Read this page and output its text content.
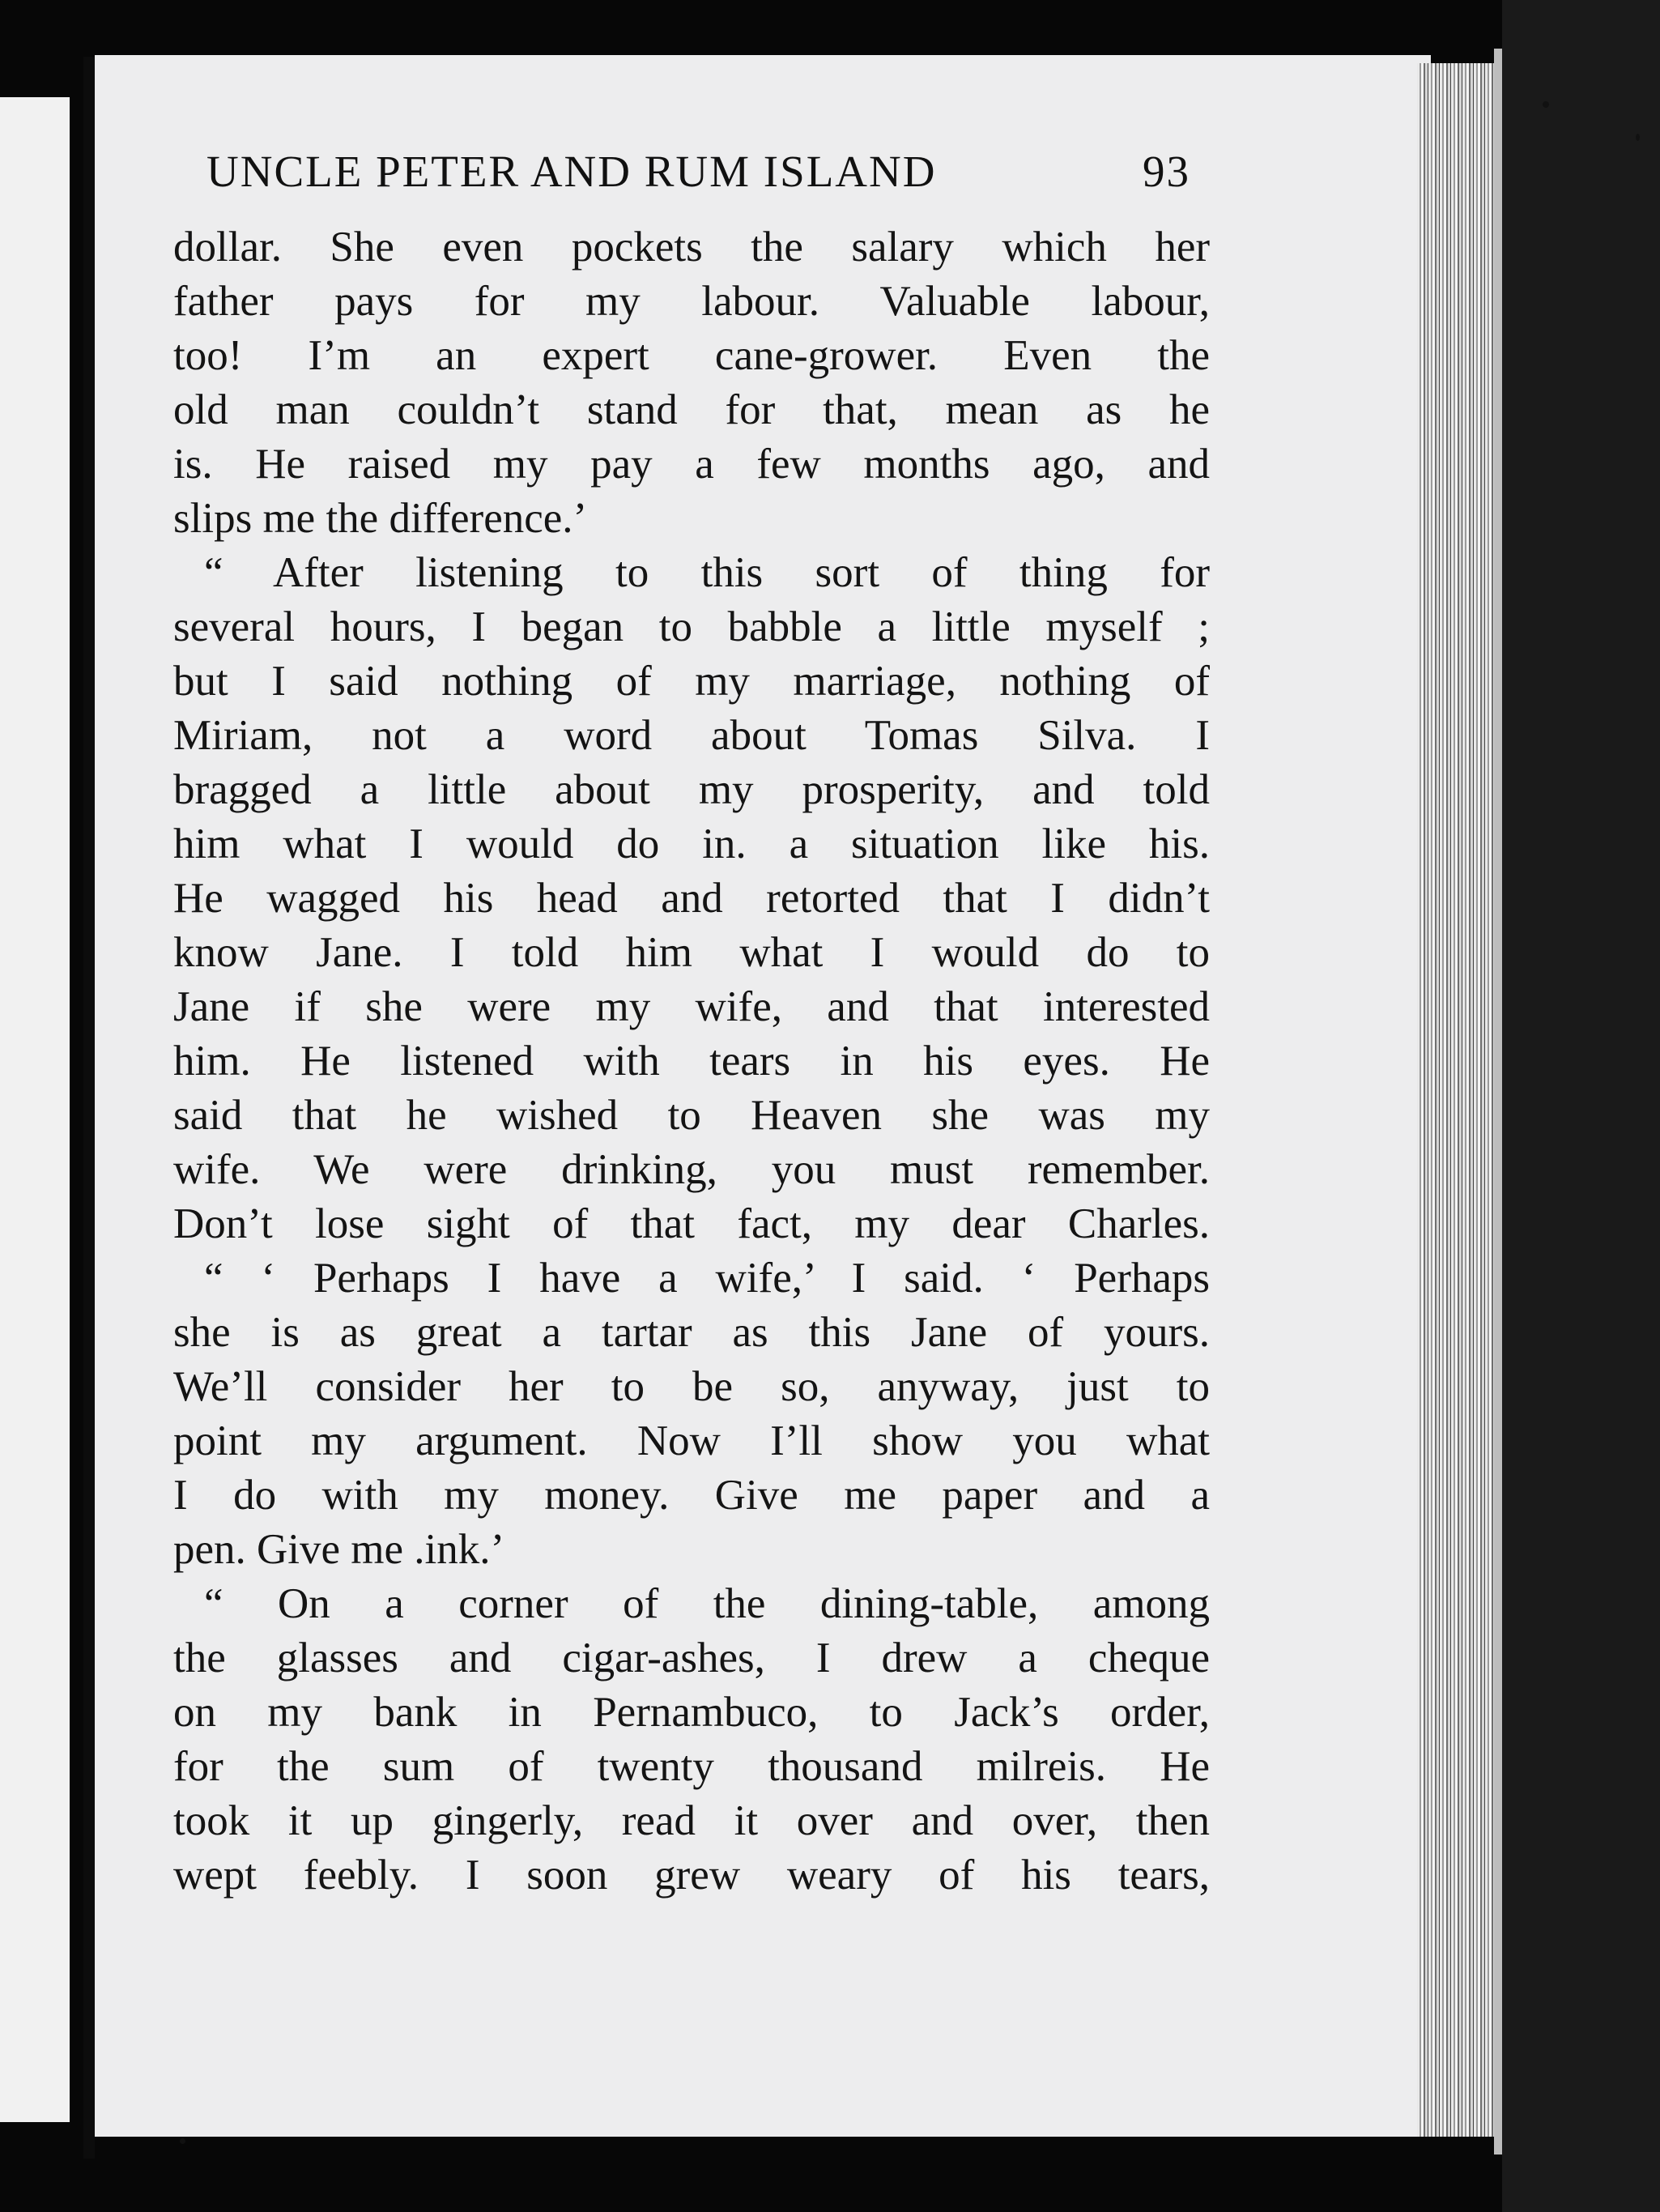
UNCLE PETER AND RUM ISLAND	93
dollar. She even pockets the salary which her
father pays for my labour. Valuable labour,
too! I’m an expert cane-grower. Even the
old man couldn’t stand for that, mean as he
is. He raised my pay a few months ago, and
slips me the difference.’
“ After listening to this sort of thing for
several hours, I began to babble a little myself ;
but I said nothing of my marriage, nothing of
Miriam, not a word about Tomas Silva. I
bragged a little about my prosperity, and told
him what I would do in. a situation like his.
He wagged his head and retorted that I didn’t
know Jane. I told him what I would do to
Jane if she were my wife, and that interested
him. He listened with tears in his eyes. He
said that he wished to Heaven she was my
wife. We were drinking, you must remember.
Don’t lose sight of that fact, my dear Charles.
“ ‘ Perhaps I have a wife,’ I said. ‘ Perhaps
she is as great a tartar as this Jane of yours.
We’ll consider her to be so, anyway, just to
point my argument. Now I’ll show you what
I do with my money. Give me paper and a
pen. Give me .ink.’
“ On a corner of the dining-table, among
the glasses and cigar-ashes, I drew a cheque
on my bank in Pernambuco, to Jack’s order,
for the sum of twenty thousand milreis. He
took it up gingerly, read it over and over, then
wept feebly. I soon grew weary of his tears,
